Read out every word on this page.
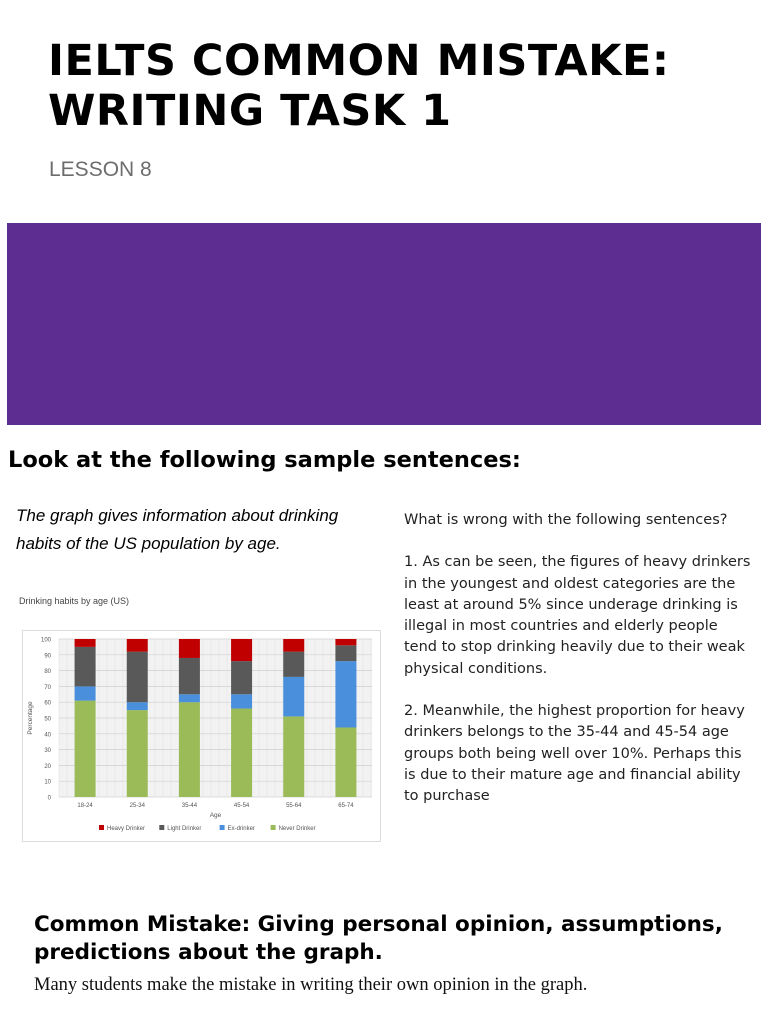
IELTS COMMON MISTAKE:
WRITING TASK 1
LESSON 8
Look at the following sample sentences:

The graph gives information about drinking habits of the US population by age.

Drinking habits by age (US)
0
10
20
30
40
50
60
70
80
90
100
Percentage
18-24	25-34	35-44	45-54	55-64	65-74
Age
Heavy Drinker	Light Drinker	Ex-drinker	Never Drinker

What is wrong with the following sentences?

1. As can be seen, the figures of heavy drinkers in the youngest and oldest categories are the least at around 5% since underage drinking is illegal in most countries and elderly people tend to stop drinking heavily due to their weak physical conditions.

2. Meanwhile, the highest proportion for heavy drinkers belongs to the 35-44 and 45-54 age groups both being well over 10%. Perhaps this is due to their mature age and financial ability to purchase

Common Mistake: Giving personal opinion, assumptions, predictions about the graph.

Many students make the mistake in writing their own opinion in the graph.
